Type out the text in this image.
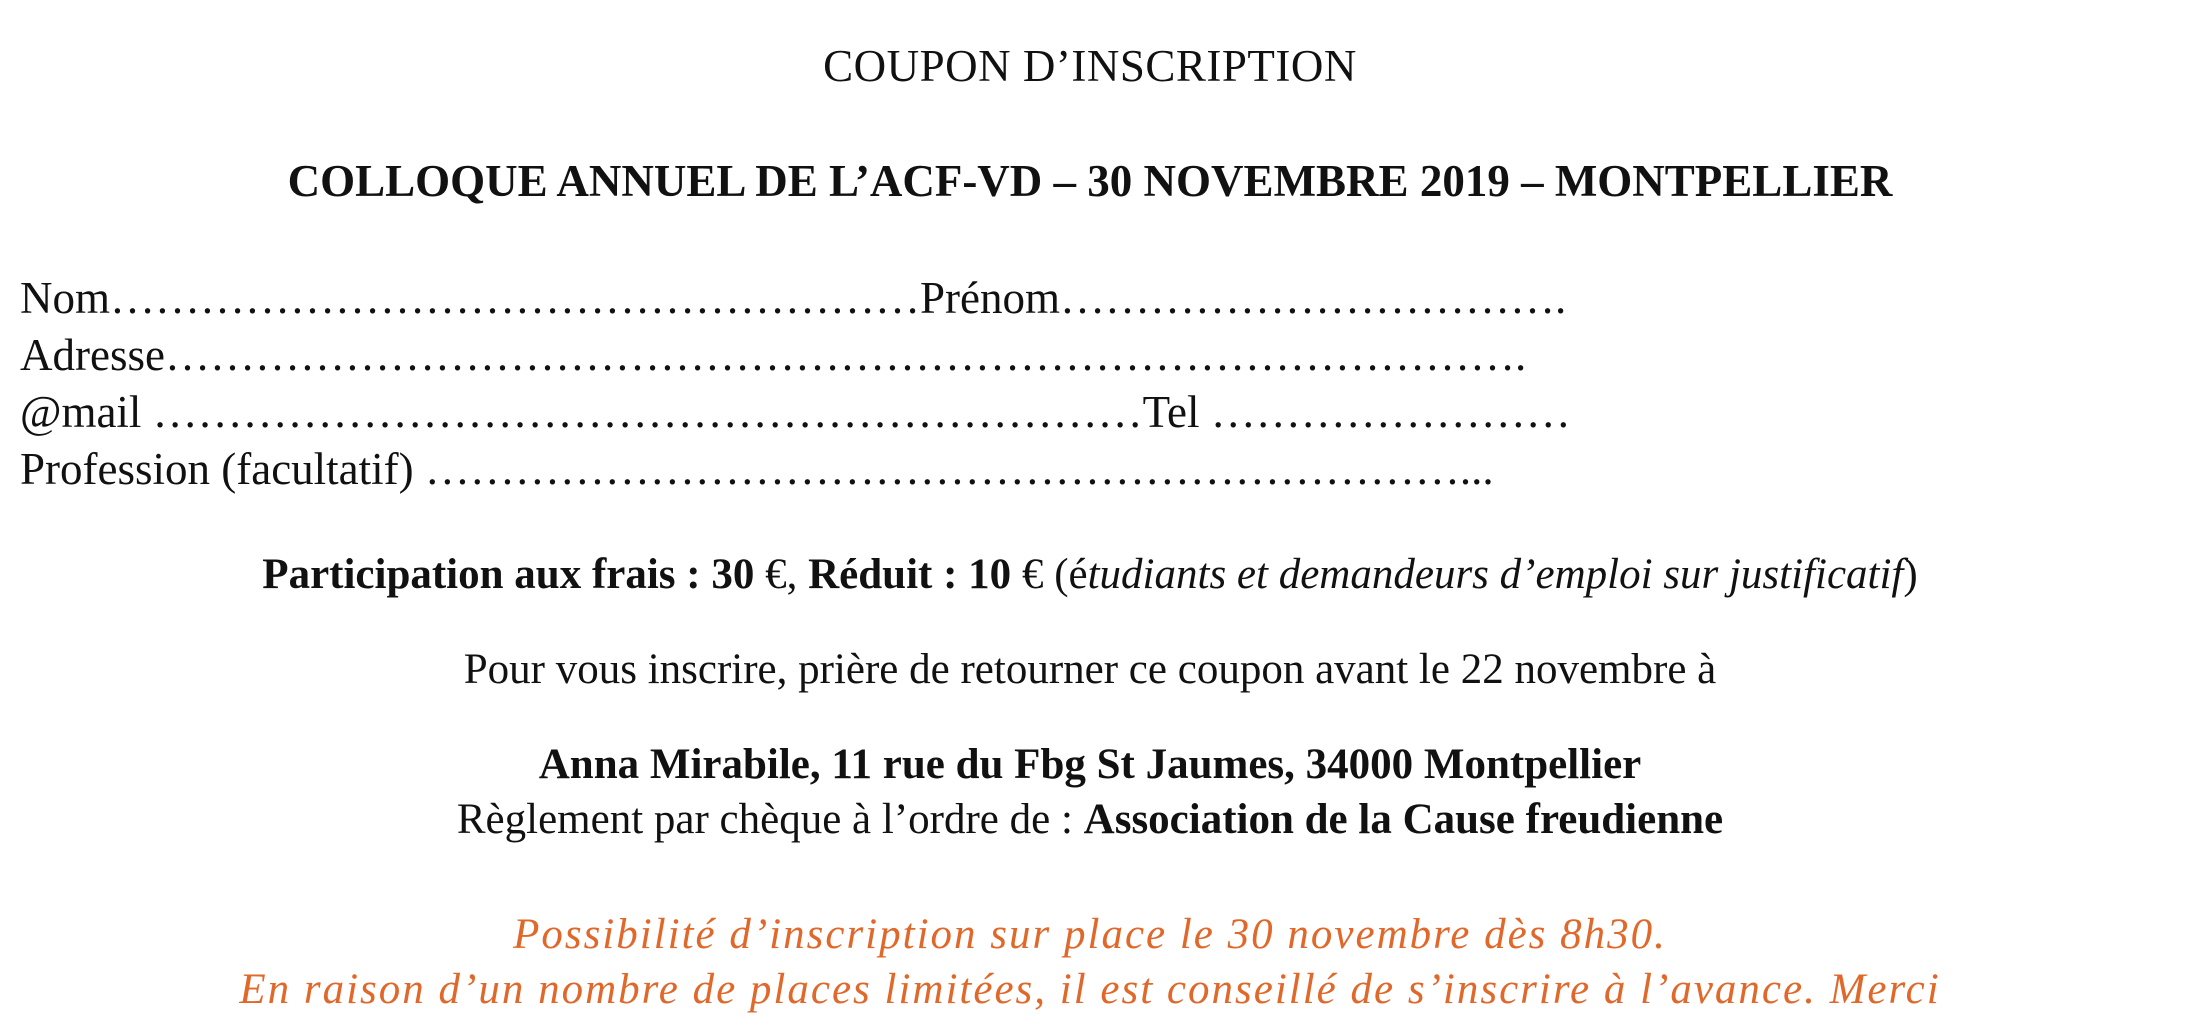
COUPON D’INSCRIPTION
COLLOQUE ANNUEL DE L’ACF-VD – 30 NOVEMBRE 2019 – MONTPELLIER
Nom………………………………………………Prénom…………………………….
Adresse……………………………………………………………………………….
@mail …………………………………………………………Tel ……………………
Profession (facultatif) ……………………………………………………………...
Participation aux frais : 30 €, Réduit : 10 € (étudiants et demandeurs d’emploi sur justificatif)
Pour vous inscrire, prière de retourner ce coupon avant le 22 novembre à
Anna Mirabile, 11 rue du Fbg St Jaumes, 34000 Montpellier
Règlement par chèque à l’ordre de : Association de la Cause freudienne
Possibilité d’inscription sur place le 30 novembre dès 8h30.
En raison d’un nombre de places limitées, il est conseillé de s’inscrire à l’avance. Merci
